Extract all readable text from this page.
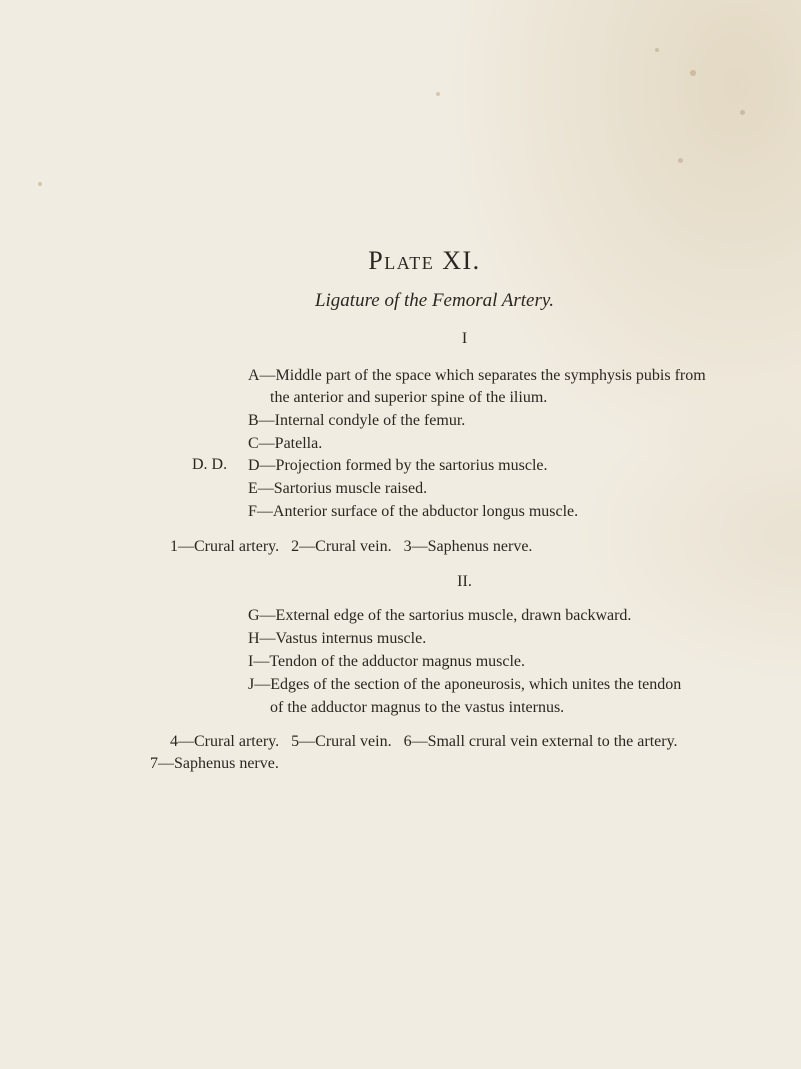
Plate XI.
Ligature of the Femoral Artery.
I
A—Middle part of the space which separates the symphysis pubis from
the anterior and superior spine of the ilium.
B—Internal condyle of the femur.
C—Patella.
D. D. D—Projection formed by the sartorius muscle.
E—Sartorius muscle raised.
F—Anterior surface of the abductor longus muscle.
1—Crural artery.   2—Crural vein.   3—Saphenus nerve.
II.
G—External edge of the sartorius muscle, drawn backward.
H—Vastus internus muscle.
I—Tendon of the adductor magnus muscle.
J—Edges of the section of the aponeurosis, which unites the tendon
of the adductor magnus to the vastus internus.
4—Crural artery.   5—Crural vein.   6—Small crural vein external to the artery.
7—Saphenus nerve.
